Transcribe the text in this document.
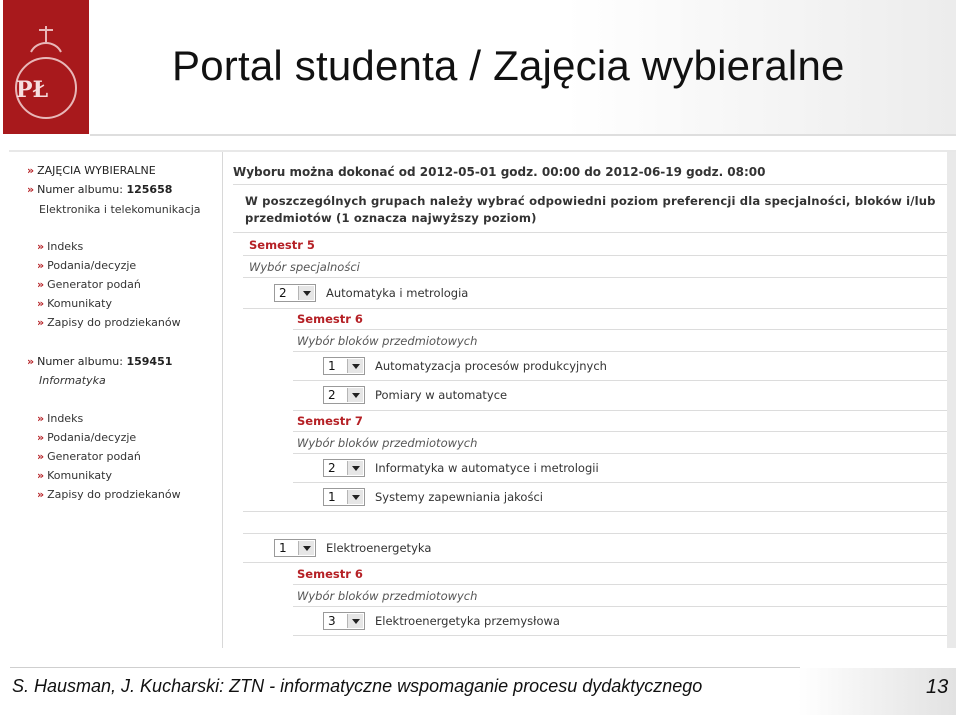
PŁ
Portal studenta / Zajęcia wybieralne
» ZAJĘCIA WYBIERALNE
» Numer albumu: 125658
Elektronika i telekomunikacja
» Indeks
» Podania/decyzje
» Generator podań
» Komunikaty
» Zapisy do prodziekanów
» Numer albumu: 159451
Informatyka
» Indeks
» Podania/decyzje
» Generator podań
» Komunikaty
» Zapisy do prodziekanów
Wyboru można dokonać od 2012-05-01 godz. 00:00 do 2012-06-19 godz. 08:00
W poszczególnych grupach należy wybrać odpowiedni poziom preferencji dla specjalności, bloków i/lub przedmiotów (1 oznacza najwyższy poziom)
Semestr 5
Wybór specjalności
2	Automatyka i metrologia
Semestr 6
Wybór bloków przedmiotowych
1	Automatyzacja procesów produkcyjnych
2	Pomiary w automatyce
Semestr 7
Wybór bloków przedmiotowych
2	Informatyka w automatyce i metrologii
1	Systemy zapewniania jakości
1	Elektroenergetyka
Semestr 6
Wybór bloków przedmiotowych
3	Elektroenergetyka przemysłowa
S. Hausman, J. Kucharski: ZTN - informatyczne wspomaganie procesu dydaktycznego	13
